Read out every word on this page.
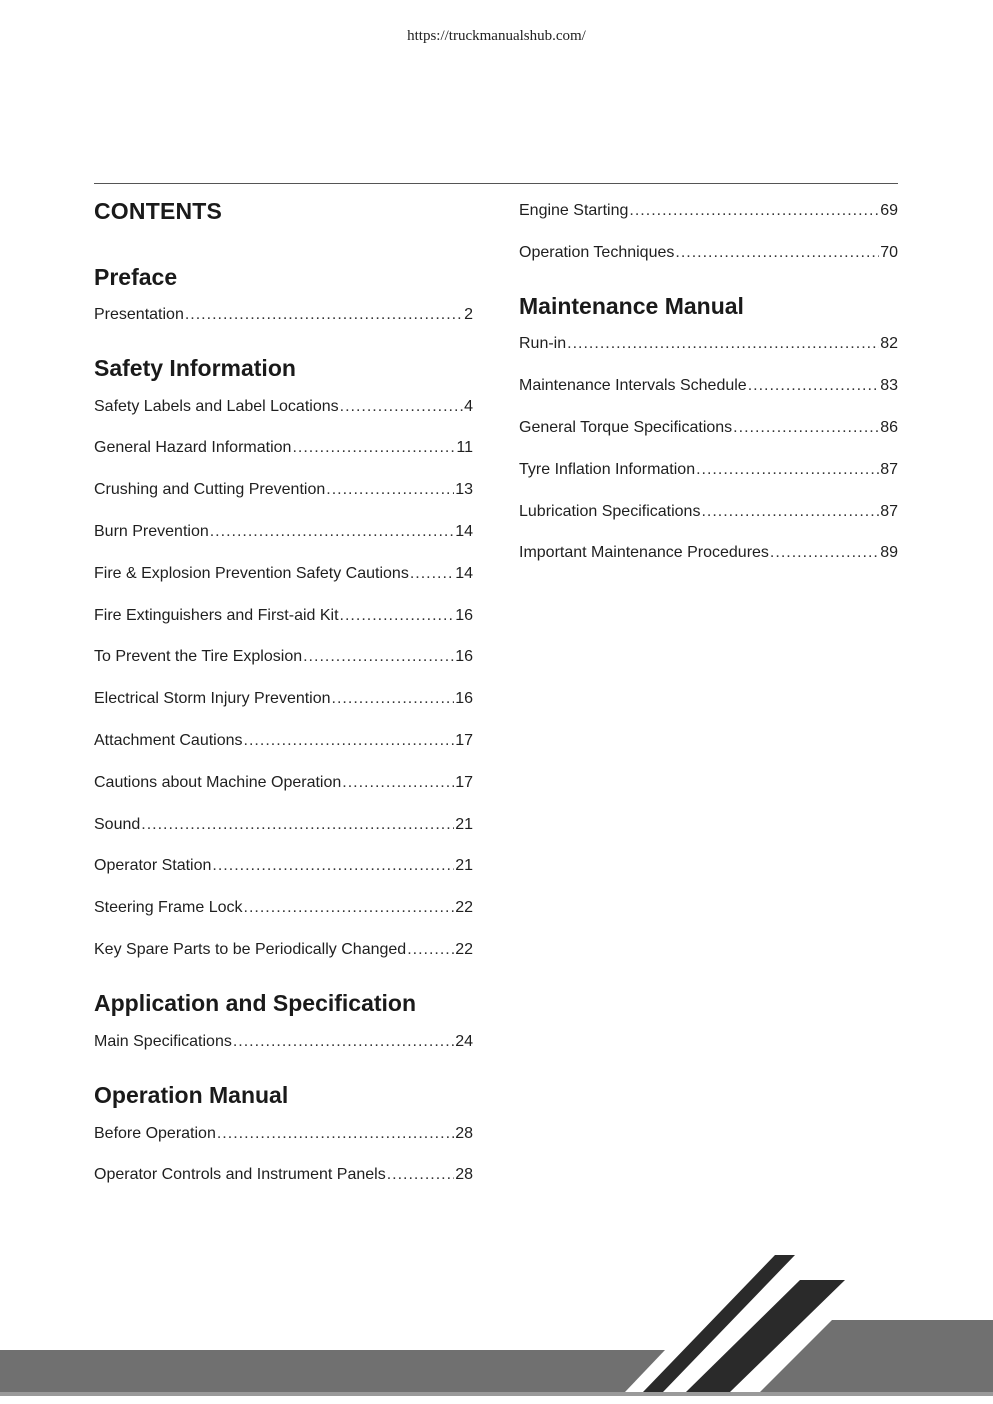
https://truckmanualshub.com/
CONTENTS
Preface
Presentation .....	2
Safety Information
Safety Labels and Label Locations .....	4
General Hazard Information .....	11
Crushing and Cutting Prevention .....	13
Burn Prevention .....	14
Fire & Explosion Prevention Safety Cautions .....	14
Fire Extinguishers and First-aid Kit .....	16
To Prevent the Tire Explosion .....	16
Electrical Storm Injury Prevention .....	16
Attachment Cautions .....	17
Cautions about Machine Operation .....	17
Sound .....	21
Operator Station .....	21
Steering Frame Lock .....	22
Key Spare Parts to be Periodically Changed .....	22
Application and Specification
Main Specifications .....	24
Operation Manual
Before Operation .....	28
Operator Controls and Instrument Panels .....	28
Engine Starting .....	69
Operation Techniques .....	70
Maintenance Manual
Run-in .....	82
Maintenance Intervals Schedule .....	83
General Torque Specifications .....	86
Tyre Inflation Information .....	87
Lubrication Specifications .....	87
Important Maintenance Procedures .....	89
